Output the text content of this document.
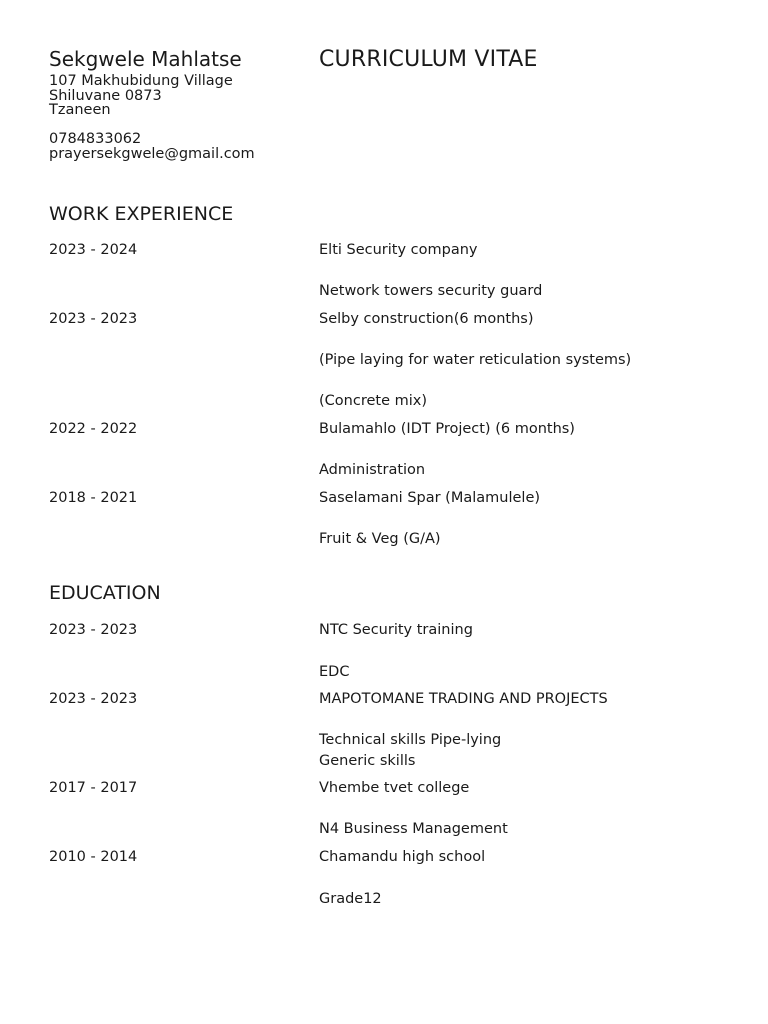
Sekgwele Mahlatse	CURRICULUM VITAE
107 Makhubidung Village
Shiluvane 0873
Tzaneen
0784833062
prayersekgwele@gmail.com
WORK EXPERIENCE
2023 - 2024	Elti Security company
Network towers security guard
2023 - 2023	Selby construction(6 months)
(Pipe laying for water reticulation systems)
(Concrete mix)
2022 - 2022	Bulamahlo (IDT Project) (6 months)
Administration
2018 - 2021	Saselamani Spar (Malamulele)
Fruit & Veg (G/A)
EDUCATION
2023 - 2023	NTC Security training
EDC
2023 - 2023	MAPOTOMANE TRADING AND PROJECTS
Technical skills Pipe-lying
Generic skills
2017 - 2017	Vhembe tvet college
N4 Business Management
2010 - 2014	Chamandu high school
Grade12
